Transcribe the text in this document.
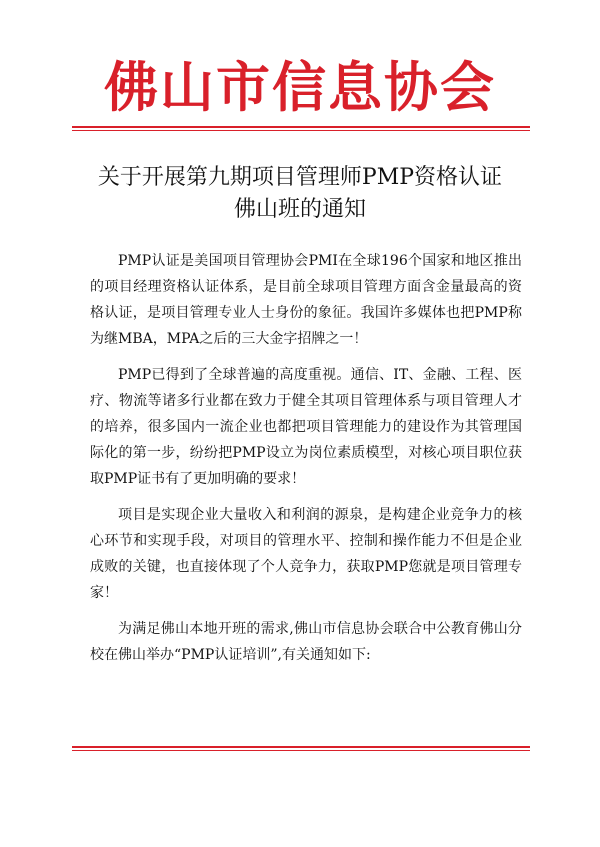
佛山市信息协会
关于开展第九期项目管理师PMP资格认证
佛山班的通知

PMP认证是美国项目管理协会PMI在全球196个国家和地区推出的项目经理资格认证体系，是目前全球项目管理方面含金量最高的资格认证，是项目管理专业人士身份的象征。我国许多媒体也把PMP称为继MBA，MPA之后的三大金字招牌之一！

PMP已得到了全球普遍的高度重视。通信、IT、金融、工程、医疗、物流等诸多行业都在致力于健全其项目管理体系与项目管理人才的培养，很多国内一流企业也都把项目管理能力的建设作为其管理国际化的第一步，纷纷把PMP设立为岗位素质模型，对核心项目职位获取PMP证书有了更加明确的要求！

项目是实现企业大量收入和利润的源泉，是构建企业竞争力的核心环节和实现手段，对项目的管理水平、控制和操作能力不但是企业成败的关键，也直接体现了个人竞争力，获取PMP您就是项目管理专家！

为满足佛山本地开班的需求,佛山市信息协会联合中公教育佛山分校在佛山举办“PMP认证培训”,有关通知如下:
